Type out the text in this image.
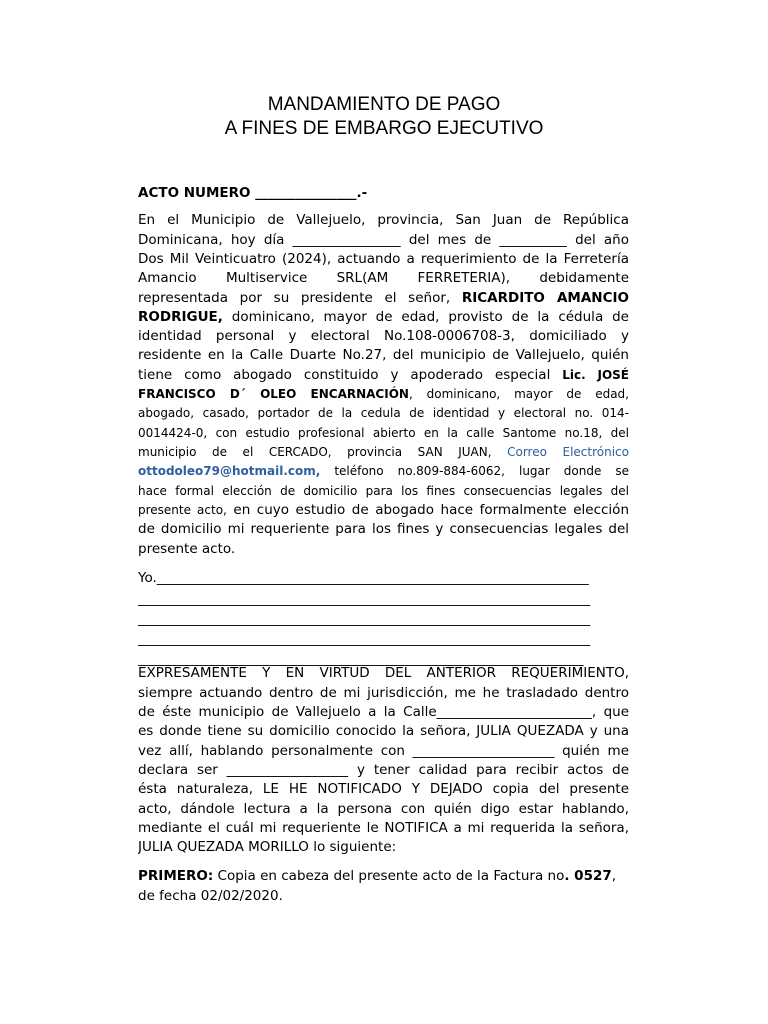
MANDAMIENTO DE PAGO
A FINES DE EMBARGO EJECUTIVO
ACTO NUMERO _______________.-
En el Municipio de Vallejuelo, provincia, San Juan de República
Dominicana, hoy día ________________ del mes de __________ del año
Dos Mil Veinticuatro (2024), actuando a requerimiento de la Ferretería
Amancio Multiservice SRL(AM FERRETERIA), debidamente
representada por su presidente el señor, RICARDITO AMANCIO
RODRIGUE, dominicano, mayor de edad, provisto de la cédula de
identidad personal y electoral No.108-0006708-3, domiciliado y
residente en la Calle Duarte No.27, del municipio de Vallejuelo, quién
tiene como abogado constituido y apoderado especial Lic. JOSÉ
FRANCISCO D´ OLEO ENCARNACIÓN, dominicano, mayor de edad,
abogado, casado, portador de la cedula de identidad y electoral no. 014-
0014424-0, con estudio profesional abierto en la calle Santome no.18, del
municipio de el CERCADO, provincia SAN JUAN, Correo Electrónico
ottodoleo79@hotmail.com, teléfono no.809-884-6062, lugar donde se
hace formal elección de domicilio para los fines consecuencias legales del
presente acto, en cuyo estudio de abogado hace formalmente elección
de domicilio mi requeriente para los fines y consecuencias legales del
presente acto.
Yo.________________________________________________________________
___________________________________________________________________
___________________________________________________________________
___________________________________________________________________
__________________________________________________________________
EXPRESAMENTE Y EN VIRTUD DEL ANTERIOR REQUERIMIENTO,
siempre actuando dentro de mi jurisdicción, me he trasladado dentro
de éste municipio de Vallejuelo a la Calle_______________________, que
es donde tiene su domicilio conocido la señora, JULIA QUEZADA y una
vez allí, hablando personalmente con _____________________ quién me
declara ser __________________ y tener calidad para recibir actos de
ésta naturaleza, LE HE NOTIFICADO Y DEJADO copia del presente
acto, dándole lectura a la persona con quién digo estar hablando,
mediante el cuál mi requeriente le NOTIFICA a mi requerida la señora,
JULIA QUEZADA MORILLO lo siguiente:
PRIMERO: Copia en cabeza del presente acto de la Factura no. 0527,
de fecha 02/02/2020.
